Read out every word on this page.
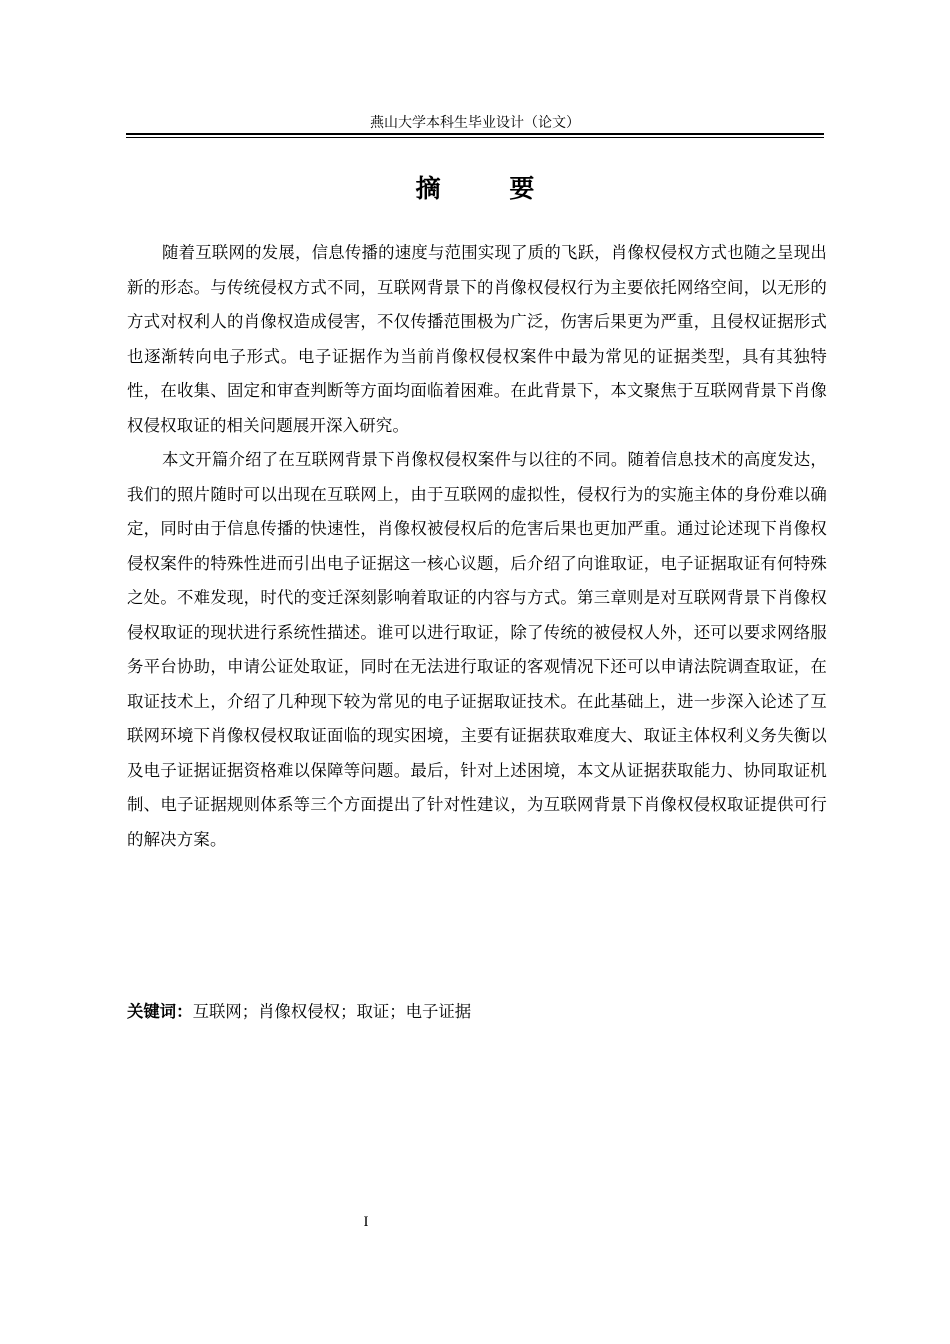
燕山大学本科生毕业设计（论文）
摘 要

随着互联网的发展，信息传播的速度与范围实现了质的飞跃，肖像权侵权方式也随之呈现出新的形态。与传统侵权方式不同，互联网背景下的肖像权侵权行为主要依托网络空间，以无形的方式对权利人的肖像权造成侵害，不仅传播范围极为广泛，伤害后果更为严重，且侵权证据形式也逐渐转向电子形式。电子证据作为当前肖像权侵权案件中最为常见的证据类型，具有其独特性，在收集、固定和审查判断等方面均面临着困难。在此背景下，本文聚焦于互联网背景下肖像权侵权取证的相关问题展开深入研究。

本文开篇介绍了在互联网背景下肖像权侵权案件与以往的不同。随着信息技术的高度发达，我们的照片随时可以出现在互联网上，由于互联网的虚拟性，侵权行为的实施主体的身份难以确定，同时由于信息传播的快速性，肖像权被侵权后的危害后果也更加严重。通过论述现下肖像权侵权案件的特殊性进而引出电子证据这一核心议题，后介绍了向谁取证，电子证据取证有何特殊之处。不难发现，时代的变迁深刻影响着取证的内容与方式。第三章则是对互联网背景下肖像权侵权取证的现状进行系统性描述。谁可以进行取证，除了传统的被侵权人外，还可以要求网络服务平台协助，申请公证处取证，同时在无法进行取证的客观情况下还可以申请法院调查取证，在取证技术上，介绍了几种现下较为常见的电子证据取证技术。在此基础上，进一步深入论述了互联网环境下肖像权侵权取证面临的现实困境，主要有证据获取难度大、取证主体权利义务失衡以及电子证据证据资格难以保障等问题。最后，针对上述困境，本文从证据获取能力、协同取证机制、电子证据规则体系等三个方面提出了针对性建议，为互联网背景下肖像权侵权取证提供可行的解决方案。

关键词：互联网；肖像权侵权；取证；电子证据
I
